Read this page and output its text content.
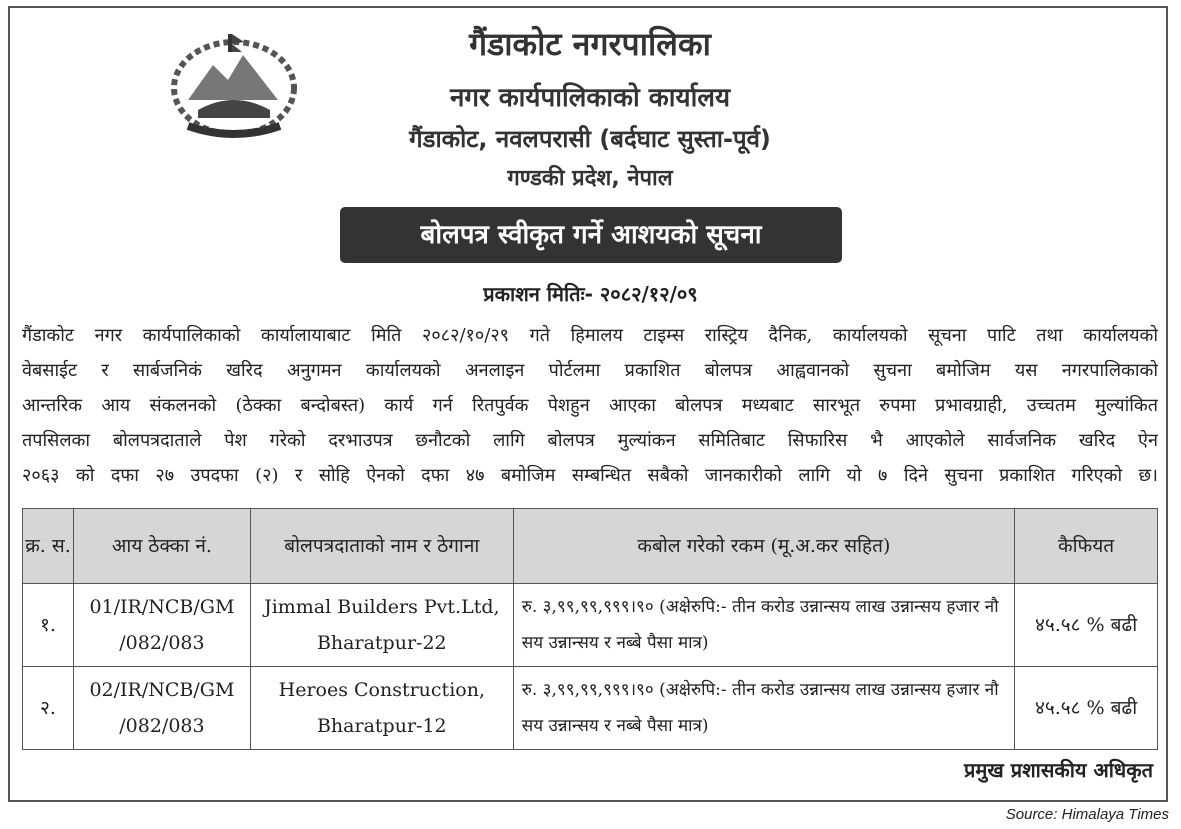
गैंडाकोट नगरपालिका
नगर कार्यपालिकाको कार्यालय
गैंडाकोट, नवलपरासी (बर्दघाट सुस्ता-पूर्व)
गण्डकी प्रदेश, नेपाल
बोलपत्र स्वीकृत गर्ने आशयको सूचना
प्रकाशन मितिः- २०८२/१२/०९
गैंडाकोट नगर कार्यपालिकाको कार्यालायाबाट मिति २०८२/१०/२९ गते हिमालय टाइम्स रास्ट्रिय दैनिक, कार्यालयको सूचना पाटि तथा कार्यालयको
वेबसाईट र सार्बजनिकं खरिद अनुगमन कार्यालयको अनलाइन पोर्टलमा प्रकाशित बोलपत्र आह्ववानको सुचना बमोजिम यस नगरपालिकाको
आन्तरिक आय संकलनको (ठेक्का बन्दोबस्त) कार्य गर्न रितपुर्वक पेशहुन आएका बोलपत्र मध्यबाट सारभूत रुपमा प्रभावग्राही, उच्चतम मुल्यांकित
तपसिलका बोलपत्रदाताले पेश गरेको दरभाउपत्र छनौटको लागि बोलपत्र मुल्यांकन समितिबाट सिफारिस भै आएकोले सार्वजनिक खरिद ऐन
२०६३ को दफा २७ उपदफा (२) र सोहि ऐनको दफा ४७ बमोजिम सम्बन्धित सबैको जानकारीको लागि यो ७ दिने सुचना प्रकाशित गरिएको छ।
क्र. स.	आय ठेक्का नं.	बोलपत्रदाताको नाम र ठेगाना	कबोल गरेको रकम (मू.अ.कर सहित)	कैफियत
१.	01/IR/NCB/GM /082/083	Jimmal Builders Pvt.Ltd, Bharatpur-22	रु. ३,९९,९९,९९९।९० (अक्षेरुपि:- तीन करोड उन्नान्सय लाख उन्नान्सय हजार नौ सय उन्नान्सय र नब्बे पैसा मात्र)	४५.५८ % बढी
२.	02/IR/NCB/GM /082/083	Heroes Construction, Bharatpur-12	रु. ३,९९,९९,९९९।९० (अक्षेरुपि:- तीन करोड उन्नान्सय लाख उन्नान्सय हजार नौ सय उन्नान्सय र नब्बे पैसा मात्र)	४५.५८ % बढी
प्रमुख प्रशासकीय अधिकृत
Source: Himalaya Times
